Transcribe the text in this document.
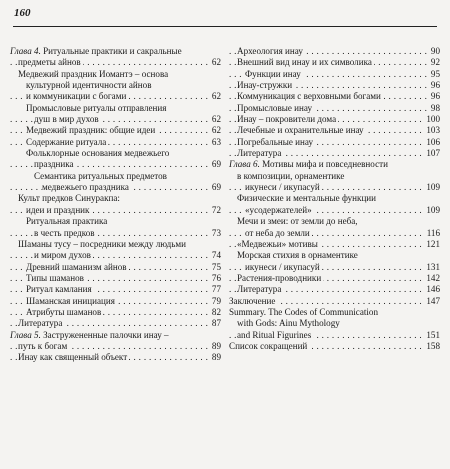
160
Глава 4. Ритуальные практики и сакральные
предметы айнов	62
. . .
Медвежий праздник Иомантэ – основа
культурной идентичности айнов
и коммуникации с богами	62
. . .
Промысловые ритуалы отправления
душ в мир духов	62
. . .
Медвежий праздник: общие идеи	62
. . .
Содержание ритуала	63
. . .
Фольклорные основания медвежьего
праздника	69
. . .
Семантика ритуальных предметов
медвежьего праздника	69
. . .
Культ предков Синуракпа:
идеи и праздник	72
. . .
Ритуальная практика
в честь предков	73
. . .
Шаманы тусу – посредники между людьми
и миром духов	74
. . .
Древний шаманизм айнов	75
. . .
Типы шаманов	76
. . .
Ритуал камлания	77
. . .
Шаманская инициация	79
. . .
Атрибуты шаманов	82
. . .
Литература	87
. . .
Глава 5. Застружененные палочки инау –
путь к богам	89
. . .
Инау как священный объект	89
. . .
Археология инау	90
. . .
Внешний вид инау и их символика	92
. . .
Функции инау	95
. . .
Инау-стружки	96
. . .
Коммуникация с верховными богами	96
. . .
Промысловые инау	98
. . .
Инау – покровители дома	100
. . .
Лечебные и охранительные инау	103
. . .
Погребальные инау	106
. . .
Литература	107
. . .
Глава 6. Мотивы мифа и повседневности
в композиции, орнаментике
икунеси / икупасуй	109
. . .
Физические и ментальные функции
«усодержателей»	109
. . .
Мечи и змеи: от земли до неба,
от неба до земли	116
. . .
«Медвежьи» мотивы	121
. . .
Морская стихия в орнаментике
икунеси / икупасуй	131
. . .
Растения-проводники	142
. . .
Литература	146
. . .
Заключение	147
. . .
Summary. The Codes of Communication
with Gods: Ainu Mythology
and Ritual Figurines	151
. . .
Список сокращений	158
. . .
